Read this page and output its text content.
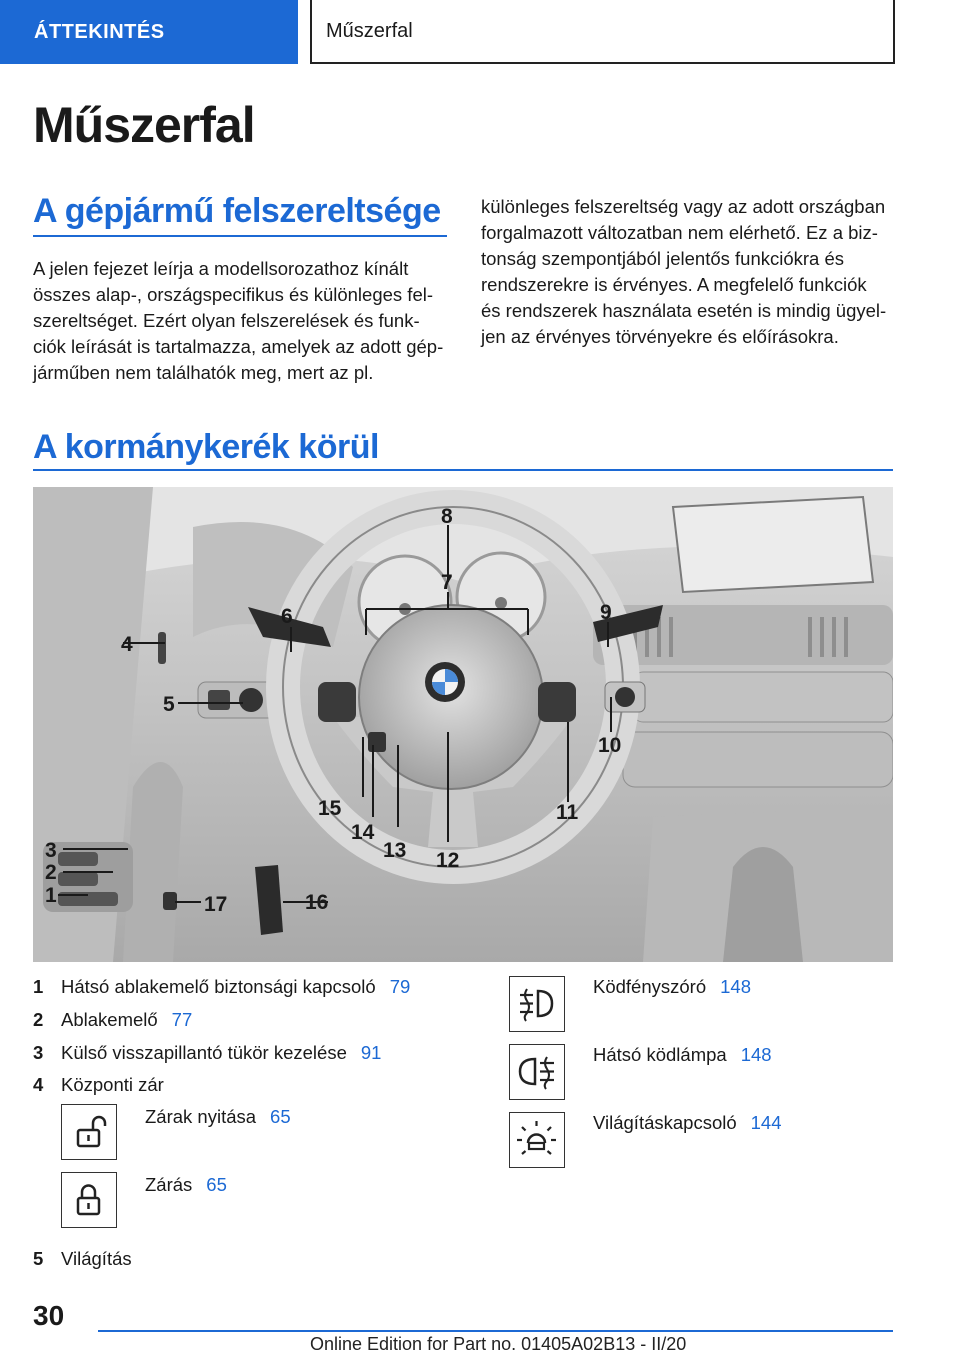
ÁTTEKINTÉS	Műszerfal
Műszerfal
A gépjármű felszereltsége
A jelen fejezet leírja a modellsorozathoz kínált
összes alap-, országspecifikus és különleges fel-
szereltséget. Ezért olyan felszerelések és funk-
ciók leírását is tartalmazza, amelyek az adott gép-
járműben nem találhatók meg, mert az pl.
különleges felszereltség vagy az adott országban
forgalmazott változatban nem elérhető. Ez a biz-
tonság szempontjából jelentős funkciókra és
rendszerekre is érvényes. A megfelelő funkciók
és rendszerek használata esetén is mindig ügyel-
jen az érvényes törvényekre és előírásokra.
A kormánykerék körül
1
2
3
4
5
6
7
8
9
10
11
12
13
14
15
16
17
1 Hátsó ablakemelő biztonsági kapcsoló 79
2 Ablakemelő 77
3 Külső visszapillantó tükör kezelése 91
4 Központi zár
Zárak nyitása 65
Zárás 65
5 Világítás
Ködfényszóró 148
Hátsó ködlámpa 148
Világításkapcsoló 144
30
Online Edition for Part no. 01405A02B13 - II/20
